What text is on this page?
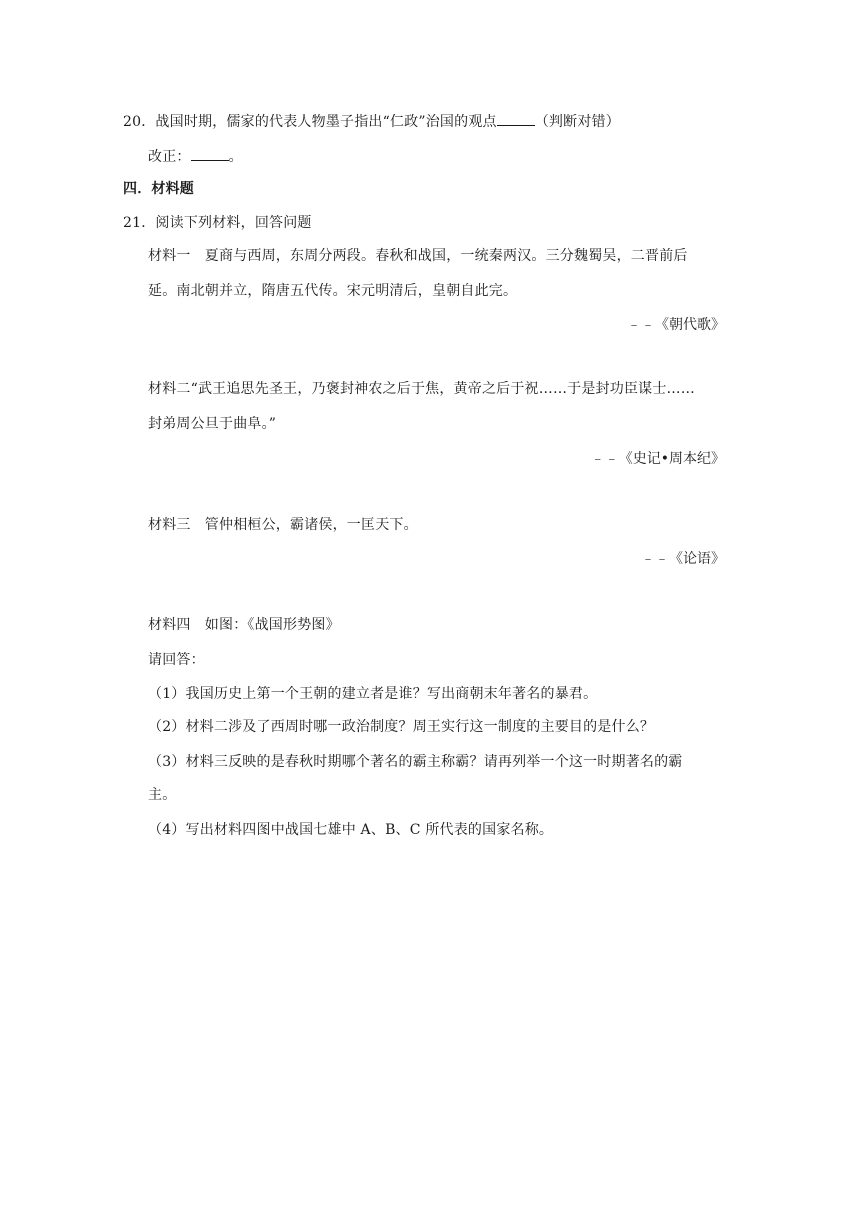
20．战国时期，儒家的代表人物墨子指出“仁政”治国的观点	（判断对错）
改正：	。
四．材料题
21．阅读下列材料，回答问题
材料一　夏商与西周，东周分两段。春秋和战国，一统秦两汉。三分魏蜀吴，二晋前后
延。南北朝并立，隋唐五代传。宋元明清后，皇朝自此完。
﹣﹣《朝代歌》
材料二“武王追思先圣王，乃褒封神农之后于焦，黄帝之后于祝……于是封功臣谋士……
封弟周公旦于曲阜。”
﹣﹣《史记•周本纪》
材料三　管仲相桓公，霸诸侯，一匡天下。
﹣﹣《论语》
材料四　如图：《战国形势图》
请回答：
（1）我国历史上第一个王朝的建立者是谁？写出商朝末年著名的暴君。
（2）材料二涉及了西周时哪一政治制度？周王实行这一制度的主要目的是什么？
（3）材料三反映的是春秋时期哪个著名的霸主称霸？请再列举一个这一时期著名的霸
主。
（4）写出材料四图中战国七雄中 A、B、C 所代表的国家名称。
